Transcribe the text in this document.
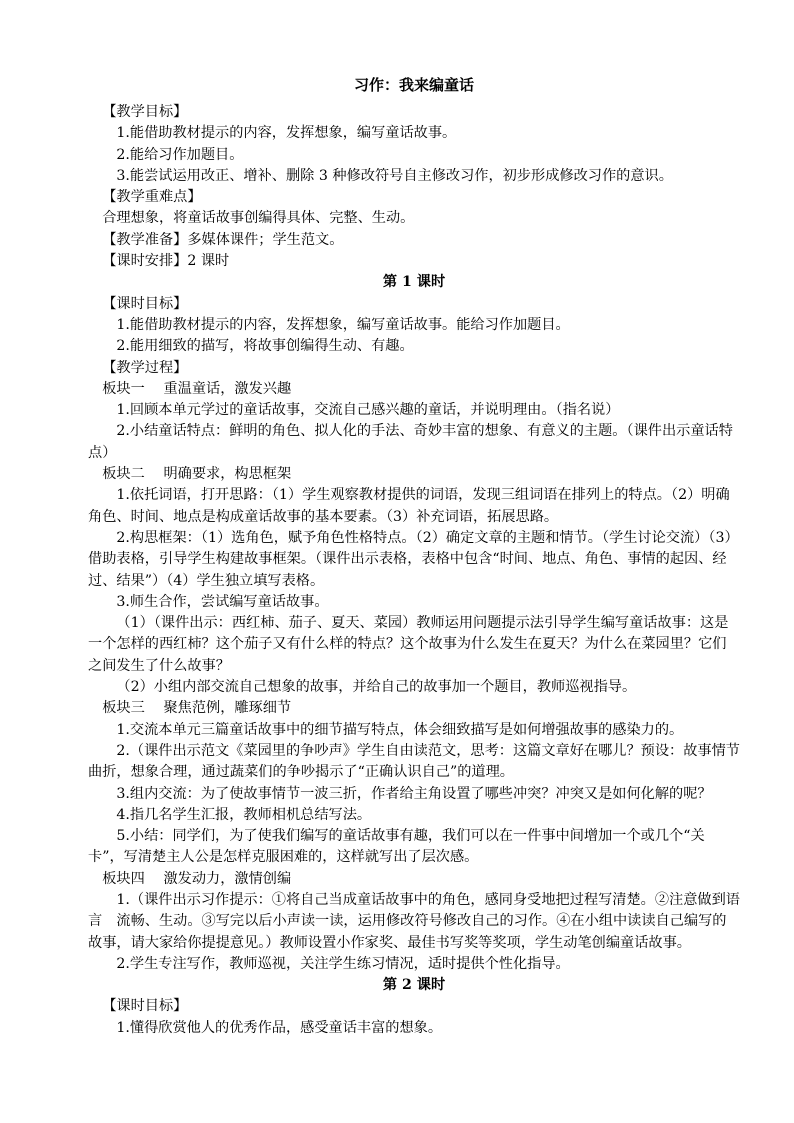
习作：我来编童话

【教学目标】

1.能借助教材提示的内容，发挥想象，编写童话故事。

2.能给习作加题目。

3.能尝试运用改正、增补、删除 3 种修改符号自主修改习作，初步形成修改习作的意识。

【教学重难点】

合理想象，将童话故事创编得具体、完整、生动。

【教学准备】多媒体课件；学生范文。

【课时安排】2 课时

第 1 课时

【课时目标】

1.能借助教材提示的内容，发挥想象，编写童话故事。能给习作加题目。

2.能用细致的描写，将故事创编得生动、有趣。

【教学过程】

板块一　 重温童话，激发兴趣

1.回顾本单元学过的童话故事，交流自己感兴趣的童话，并说明理由。（指名说）

2.小结童话特点：鲜明的角色、拟人化的手法、奇妙丰富的想象、有意义的主题。（课件出示童话特点）

板块二　 明确要求，构思框架

1.依托词语，打开思路：（1）学生观察教材提供的词语，发现三组词语在排列上的特点。（2）明确角色、时间、地点是构成童话故事的基本要素。（3）补充词语，拓展思路。

2.构思框架：（1）选角色，赋予角色性格特点。（2）确定文章的主题和情节。（学生讨论交流）（3）借助表格，引导学生构建故事框架。（课件出示表格，表格中包含“时间、地点、角色、事情的起因、经过、结果”）（4）学生独立填写表格。

3.师生合作，尝试编写童话故事。

（1）（课件出示：西红柿、茄子、夏天、菜园）教师运用问题提示法引导学生编写童话故事：这是一个怎样的西红柿？这个茄子又有什么样的特点？这个故事为什么发生在夏天？为什么在菜园里？它们之间发生了什么故事？

（2）小组内部交流自己想象的故事，并给自己的故事加一个题目，教师巡视指导。

板块三　 聚焦范例，雕琢细节

1.交流本单元三篇童话故事中的细节描写特点，体会细致描写是如何增强故事的感染力的。

2.（课件出示范文《菜园里的争吵声》学生自由读范文，思考：这篇文章好在哪儿？预设：故事情节曲折，想象合理，通过蔬菜们的争吵揭示了“正确认识自己”的道理。

3.组内交流：为了使故事情节一波三折，作者给主角设置了哪些冲突？冲突又是如何化解的呢？

4.指几名学生汇报，教师相机总结写法。

5.小结：同学们，为了使我们编写的童话故事有趣，我们可以在一件事中间增加一个或几个“关卡”，写清楚主人公是怎样克服困难的，这样就写出了层次感。

板块四　 激发动力，激情创编

1.（课件出示习作提示：①将自己当成童话故事中的角色，感同身受地把过程写清楚。②注意做到语言　流畅、生动。③写完以后小声读一读，运用修改符号修改自己的习作。④在小组中读读自己编写的故事，请大家给你提提意见。）教师设置小作家奖、最佳书写奖等奖项，学生动笔创编童话故事。

2.学生专注写作，教师巡视，关注学生练习情况，适时提供个性化指导。

第 2 课时

【课时目标】

1.懂得欣赏他人的优秀作品，感受童话丰富的想象。
